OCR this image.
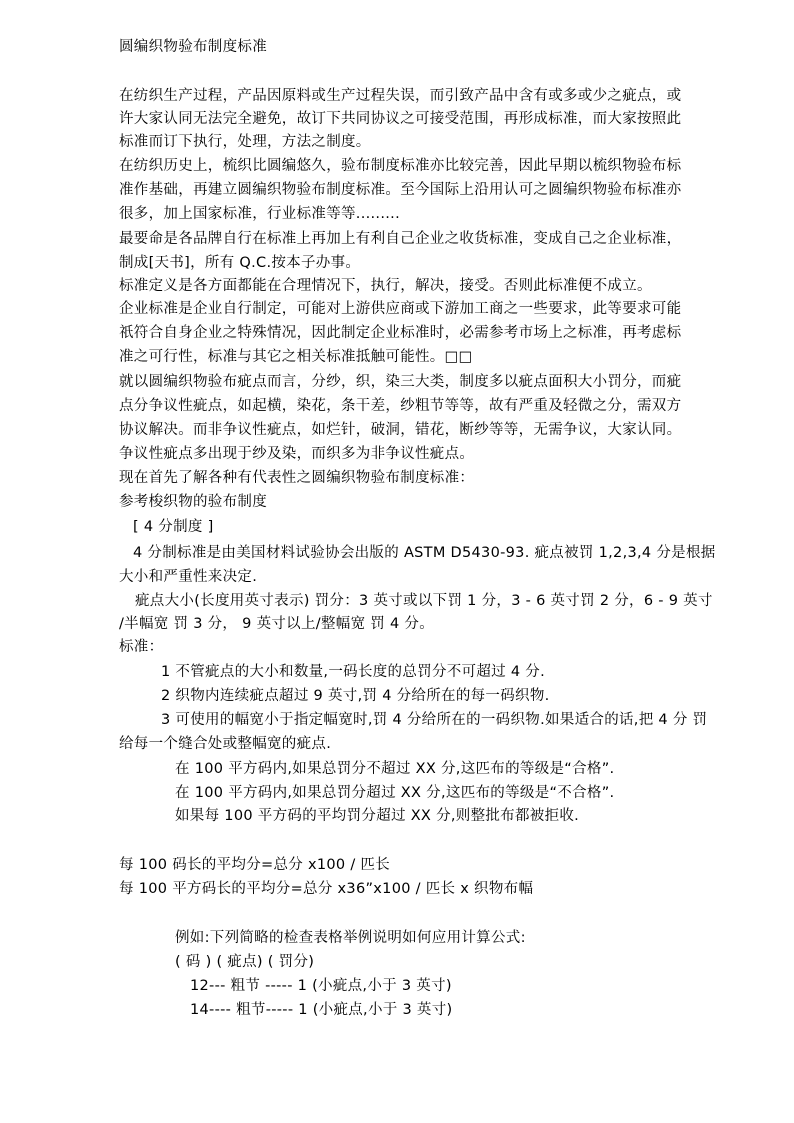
圆编织物验布制度标准
在纺织生产过程，产品因原料或生产过程失误，而引致产品中含有或多或少之疵点，或
许大家认同无法完全避免，故订下共同协议之可接受范围，再形成标准，而大家按照此
标准而订下执行，处理，方法之制度。
在纺织历史上，梳织比圆编悠久，验布制度标准亦比较完善，因此早期以梳织物验布标
准作基础，再建立圆编织物验布制度标准。至今国际上沿用认可之圆编织物验布标准亦
很多，加上国家标准，行业标准等等.........
最要命是各品牌自行在标准上再加上有利自己企业之收货标准，变成自己之企业标准，
制成[天书]，所有 Q.C.按本子办事。
标准定义是各方面都能在合理情况下，执行，解决，接受。否则此标准便不成立。
企业标准是企业自行制定，可能对上游供应商或下游加工商之一些要求，此等要求可能
祇符合自身企业之特殊情况，因此制定企业标准时，必需参考市场上之标准，再考虑标
准之可行性，标准与其它之相关标准抵触可能性。□□
就以圆编织物验布疵点而言，分纱，织，染三大类，制度多以疵点面积大小罚分，而疵
点分争议性疵点，如起横，染花，条干差，纱粗节等等，故有严重及轻微之分，需双方
协议解决。而非争议性疵点，如烂针，破洞，错花，断纱等等，无需争议，大家认同。
争议性疵点多出现于纱及染，而织多为非争议性疵点。
现在首先了解各种有代表性之圆编织物验布制度标准：
参考梭织物的验布制度
[ 4 分制度 ]
4 分制标准是由美国材料试验协会出版的 ASTM D5430-93. 疵点被罚 1,2,3,4 分是根据
大小和严重性来决定.
疵点大小(长度用英寸表示) 罚分：3 英寸或以下罚 1 分，3 - 6 英寸罚 2 分，6 - 9 英寸
/半幅宽 罚 3 分， 9 英寸以上/整幅宽 罚 4 分。
标准：
1 不管疵点的大小和数量,一码长度的总罚分不可超过 4 分.
2 织物内连续疵点超过 9 英寸,罚 4 分给所在的每一码织物.
3 可使用的幅宽小于指定幅宽时,罚 4 分给所在的一码织物.如果适合的话,把 4 分 罚
给每一个缝合处或整幅宽的疵点.
在 100 平方码内,如果总罚分不超过 XX 分,这匹布的等级是“合格”.
在 100 平方码内,如果总罚分超过 XX 分,这匹布的等级是“不合格”.
如果每 100 平方码的平均罚分超过 XX 分,则整批布都被拒收.
每 100 码长的平均分=总分 x100 / 匹长
每 100 平方码长的平均分=总分 x36”x100 / 匹长 x 织物布幅
例如:下列简略的检查表格举例说明如何应用计算公式:
( 码 ) ( 疵点) ( 罚分)
12--- 粗节 ----- 1 (小疵点,小于 3 英寸)
14---- 粗节----- 1 (小疵点,小于 3 英寸)
